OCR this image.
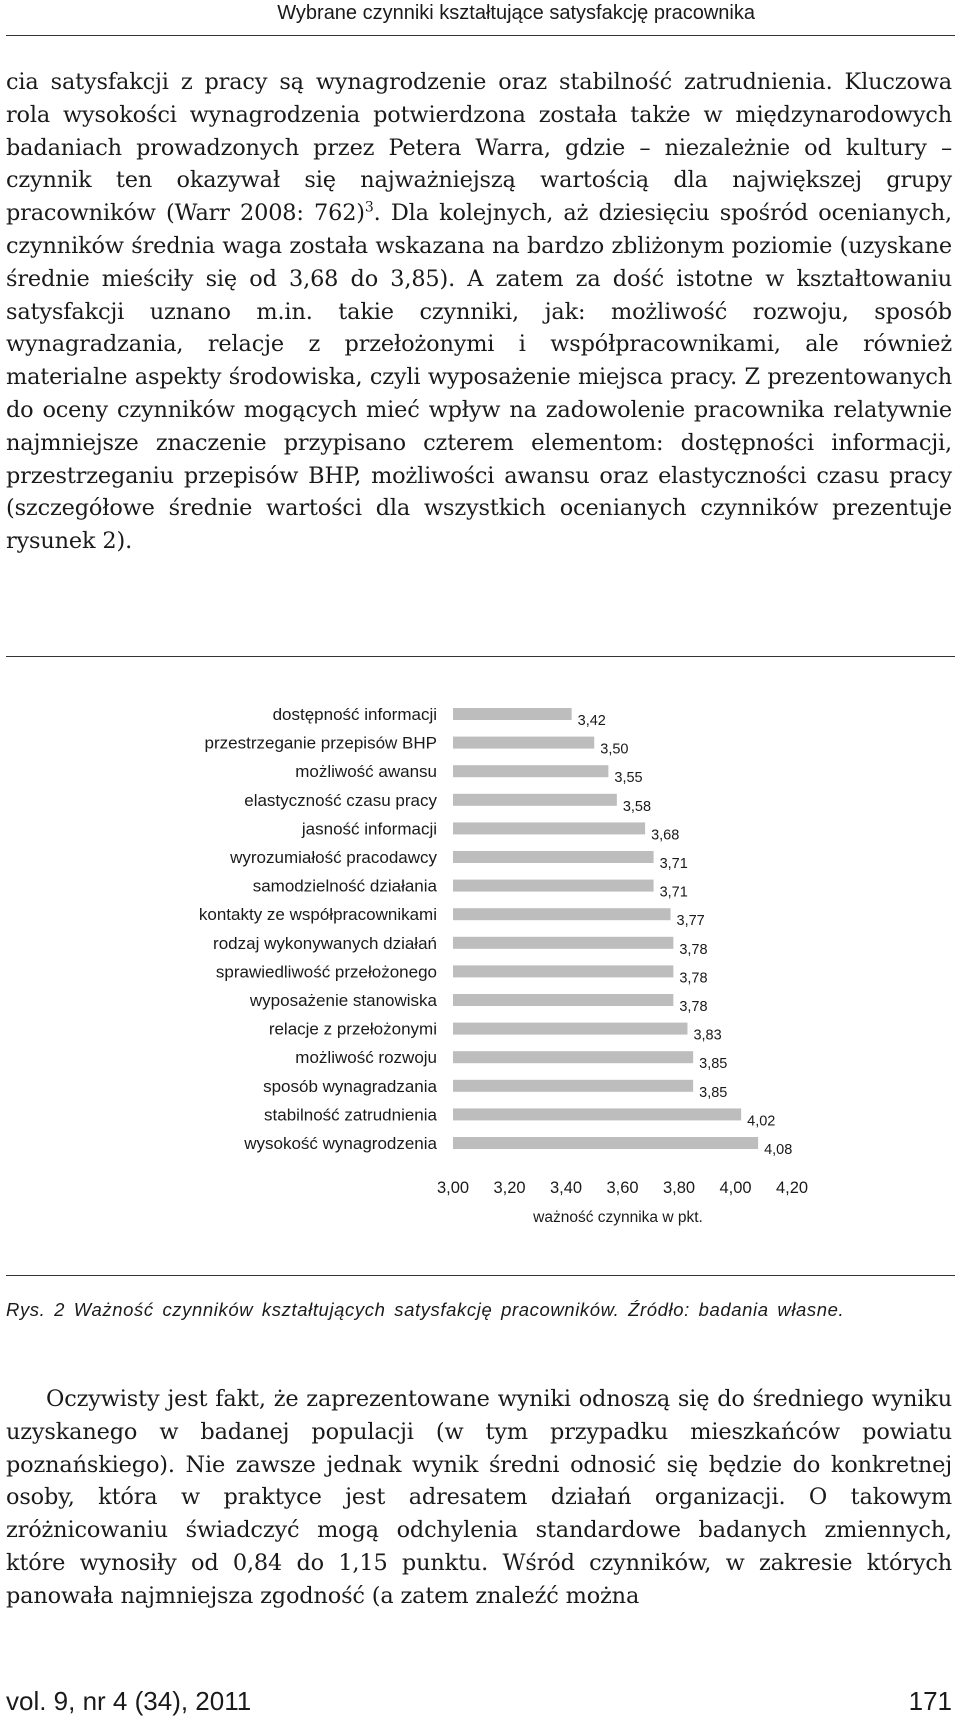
Wybrane czynniki kształtujące satysfakcję pracownika

cia satysfakcji z pracy są wynagrodzenie oraz stabilność zatrudnienia. Kluczowa rola wysokości wynagrodzenia potwierdzona została także w międzynarodowych badaniach prowadzonych przez Petera Warra, gdzie – niezależnie od kultury – czynnik ten okazywał się najważniejszą wartością dla największej grupy pracowników (Warr 2008: 762)$^3$. Dla kolejnych, aż dziesięciu spośród ocenianych, czynników średnia waga została wskazana na bardzo zbliżonym poziomie (uzyskane średnie mieściły się od 3,68 do 3,85). A zatem za dość istotne w kształtowaniu satysfakcji uznano m.in. takie czynniki, jak: możliwość rozwoju, sposób wynagradzania, relacje z przełożonymi i współpracownikami, ale również materialne aspekty środowiska, czyli wyposażenie miejsca pracy. Z prezentowanych do oceny czynników mogących mieć wpływ na zadowolenie pracownika relatywnie najmniejsze znaczenie przypisano czterem elementom: dostępności informacji, przestrzeganiu przepisów BHP, możliwości awansu oraz elastyczności czasu pracy (szczegółowe średnie wartości dla wszystkich ocenianych czynników prezentuje rysunek 2).

dostępność informacji
przestrzeganie przepisów BHP
możliwość awansu
elastyczność czasu pracy
jasność informacji
wyrozumiałość pracodawcy
samodzielność działania
kontakty ze współpracownikami
rodzaj wykonywanych działań
sprawiedliwość przełożonego
wyposażenie stanowiska
relacje z przełożonymi
możliwość rozwoju
sposób wynagradzania
stabilność zatrudnienia
wysokość wynagrodzenia
3,42
3,50
3,55
3,58
3,68
3,71
3,71
3,77
3,78
3,78
3,78
3,83
3,85
3,85
4,02
4,08
3,00 3,20 3,40 3,60 3,80 4,00 4,20
ważność czynnika w pkt.

Rys. 2 Ważność czynników kształtujących satysfakcję pracowników. Źródło: badania własne.

Oczywisty jest fakt, że zaprezentowane wyniki odnoszą się do średniego wyniku uzyskanego w badanej populacji (w tym przypadku mieszkańców powiatu poznańskiego). Nie zawsze jednak wynik średni odnosić się będzie do konkretnej osoby, która w praktyce jest adresatem działań organizacji. O takowym zróżnicowaniu świadczyć mogą odchylenia standardowe badanych zmiennych, które wynosiły od 0,84 do 1,15 punktu. Wśród czynników, w zakresie których panowała najmniejsza zgodność (a zatem znaleźć można

vol. 9, nr 4 (34), 2011	171
